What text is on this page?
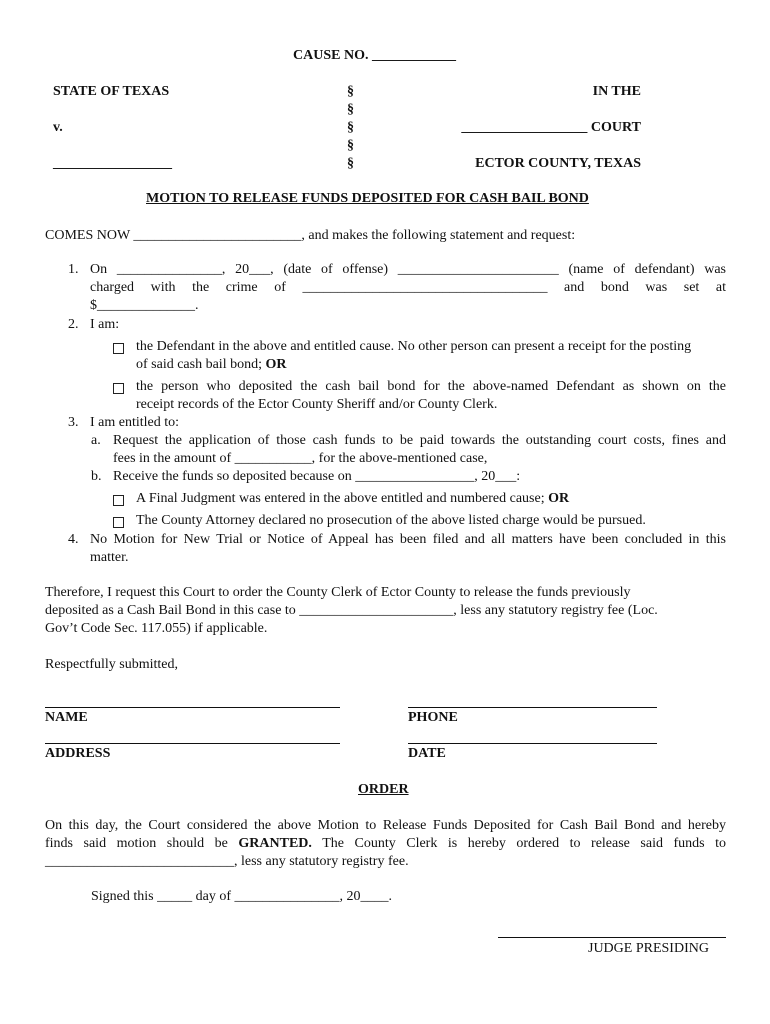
CAUSE NO. ____________
STATE OF TEXAS
v.
_________________
§
§
§
§
§
IN THE
__________________ COURT
ECTOR COUNTY, TEXAS
MOTION TO RELEASE FUNDS DEPOSITED FOR CASH BAIL BOND
COMES NOW ________________________, and makes the following statement and request:
1. On _______________, 20___, (date of offense) _______________________ (name of defendant) was
charged with the crime of ___________________________________ and bond was set at
$______________.
2. I am:
the Defendant in the above and entitled cause. No other person can present a receipt for the posting
of said cash bail bond; OR
the person who deposited the cash bail bond for the above-named Defendant as shown on the
receipt records of the Ector County Sheriff and/or County Clerk.
3. I am entitled to:
a. Request the application of those cash funds to be paid towards the outstanding court costs, fines and
fees in the amount of ___________, for the above-mentioned case,
b. Receive the funds so deposited because on _________________, 20___:
A Final Judgment was entered in the above entitled and numbered cause; OR
The County Attorney declared no prosecution of the above listed charge would be pursued.
4. No Motion for New Trial or Notice of Appeal has been filed and all matters have been concluded in this
matter.
Therefore, I request this Court to order the County Clerk of Ector County to release the funds previously
deposited as a Cash Bail Bond in this case to ______________________, less any statutory registry fee (Loc.
Gov’t Code Sec. 117.055) if applicable.
Respectfully submitted,
NAME	PHONE
ADDRESS	DATE
ORDER
On this day, the Court considered the above Motion to Release Funds Deposited for Cash Bail Bond and hereby
finds said motion should be GRANTED. The County Clerk is hereby ordered to release said funds to
___________________________, less any statutory registry fee.
Signed this _____ day of _______________, 20____.
JUDGE PRESIDING
